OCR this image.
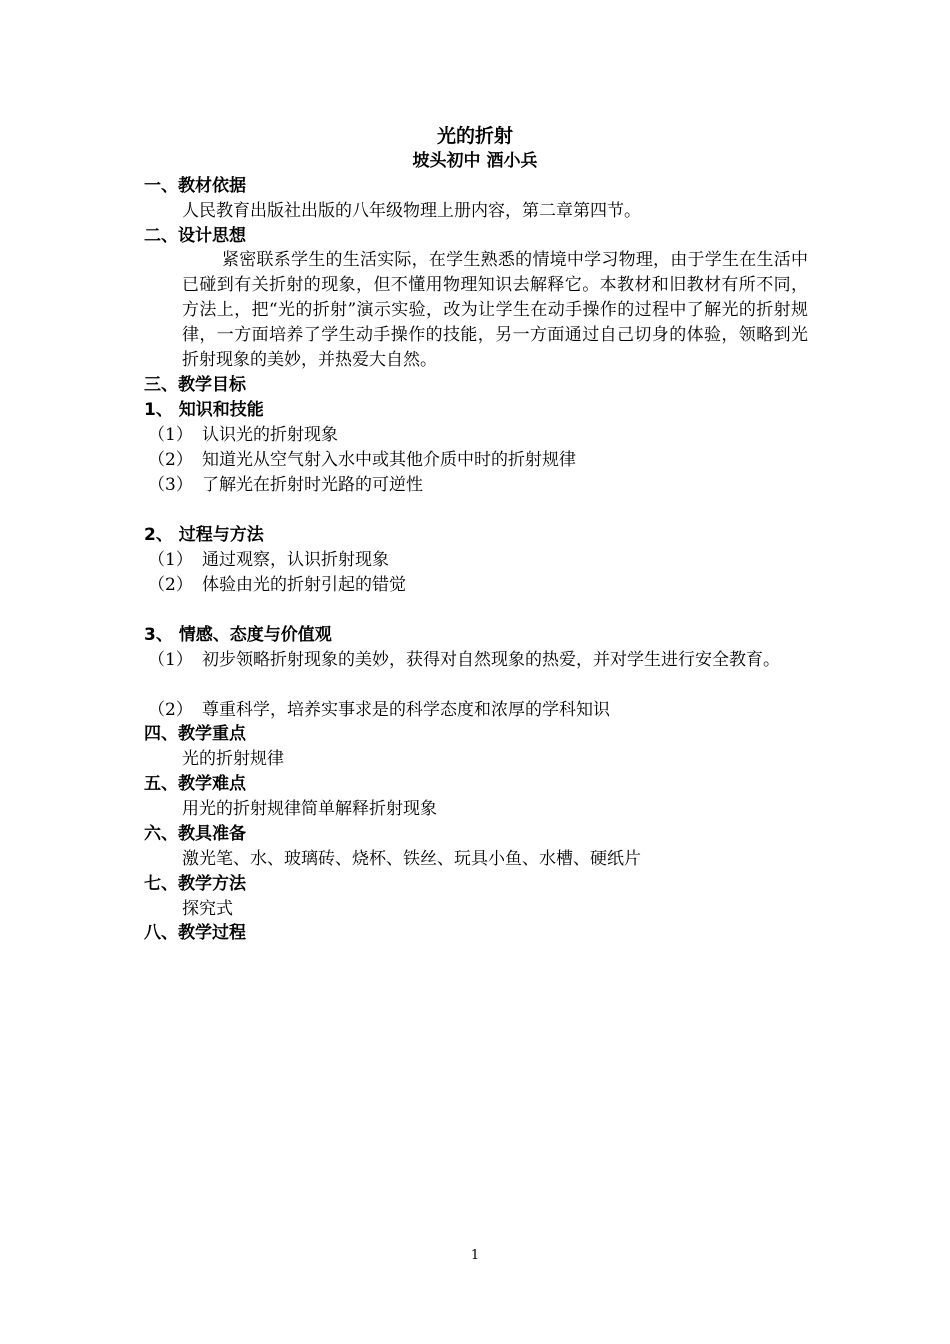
光的折射
坡头初中 酒小兵
一、教材依据
人民教育出版社出版的八年级物理上册内容，第二章第四节。
二、设计思想
紧密联系学生的生活实际，在学生熟悉的情境中学习物理，由于学生在生活中已碰到有关折射的现象，但不懂用物理知识去解释它。本教材和旧教材有所不同，方法上，把“光的折射”演示实验，改为让学生在动手操作的过程中了解光的折射规律，一方面培养了学生动手操作的技能，另一方面通过自己切身的体验，领略到光折射现象的美妙，并热爱大自然。
三、教学目标
1、 知识和技能
（1） 认识光的折射现象
（2） 知道光从空气射入水中或其他介质中时的折射规律
（3） 了解光在折射时光路的可逆性
2、 过程与方法
（1） 通过观察，认识折射现象
（2） 体验由光的折射引起的错觉
3、 情感、态度与价值观
（1） 初步领略折射现象的美妙，获得对自然现象的热爱，并对学生进行安全教育。
（2） 尊重科学，培养实事求是的科学态度和浓厚的学科知识
四、教学重点
光的折射规律
五、教学难点
用光的折射规律简单解释折射现象
六、教具准备
激光笔、水、玻璃砖、烧杯、铁丝、玩具小鱼、水槽、硬纸片
七、教学方法
探究式
八、教学过程
1
